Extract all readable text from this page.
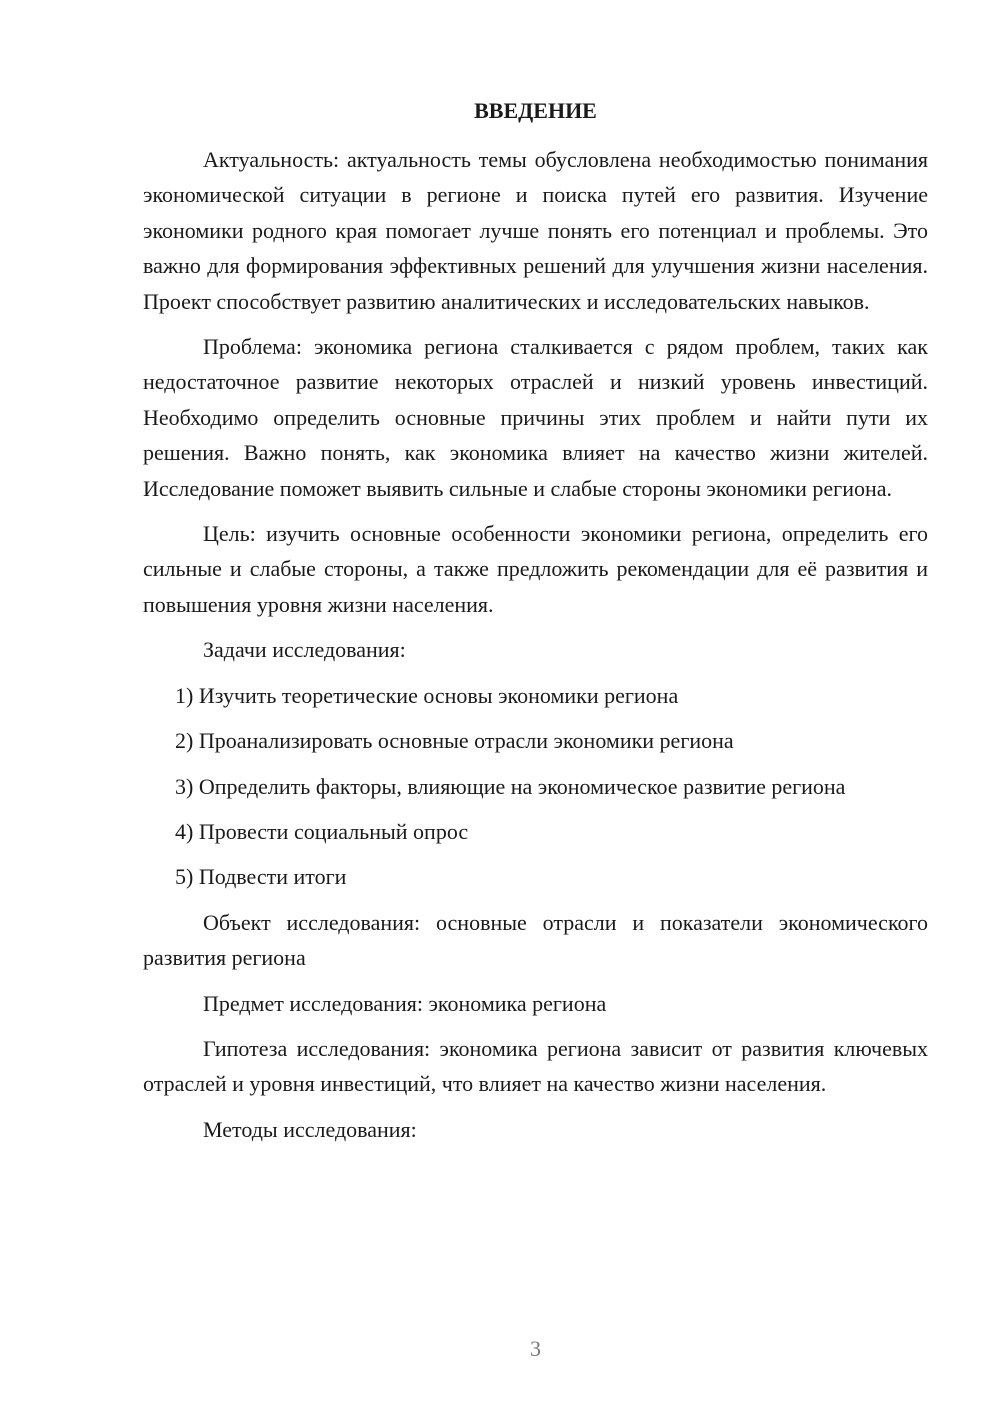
ВВЕДЕНИЕ

Актуальность: актуальность темы обусловлена необходимостью понимания экономической ситуации в регионе и поиска путей его развития. Изучение экономики родного края помогает лучше понять его потенциал и проблемы. Это важно для формирования эффективных решений для улучшения жизни населения. Проект способствует развитию аналитических и исследовательских навыков.

Проблема: экономика региона сталкивается с рядом проблем, таких как недостаточное развитие некоторых отраслей и низкий уровень инвестиций. Необходимо определить основные причины этих проблем и найти пути их решения. Важно понять, как экономика влияет на качество жизни жителей. Исследование поможет выявить сильные и слабые стороны экономики региона.

Цель: изучить основные особенности экономики региона, определить его сильные и слабые стороны, а также предложить рекомендации для её развития и повышения уровня жизни населения.

Задачи исследования:

1) Изучить теоретические основы экономики региона

2) Проанализировать основные отрасли экономики региона

3) Определить факторы, влияющие на экономическое развитие региона

4) Провести социальный опрос

5) Подвести итоги

Объект исследования: основные отрасли и показатели экономического развития региона

Предмет исследования: экономика региона

Гипотеза исследования: экономика региона зависит от развития ключевых отраслей и уровня инвестиций, что влияет на качество жизни населения.

Методы исследования:

3
